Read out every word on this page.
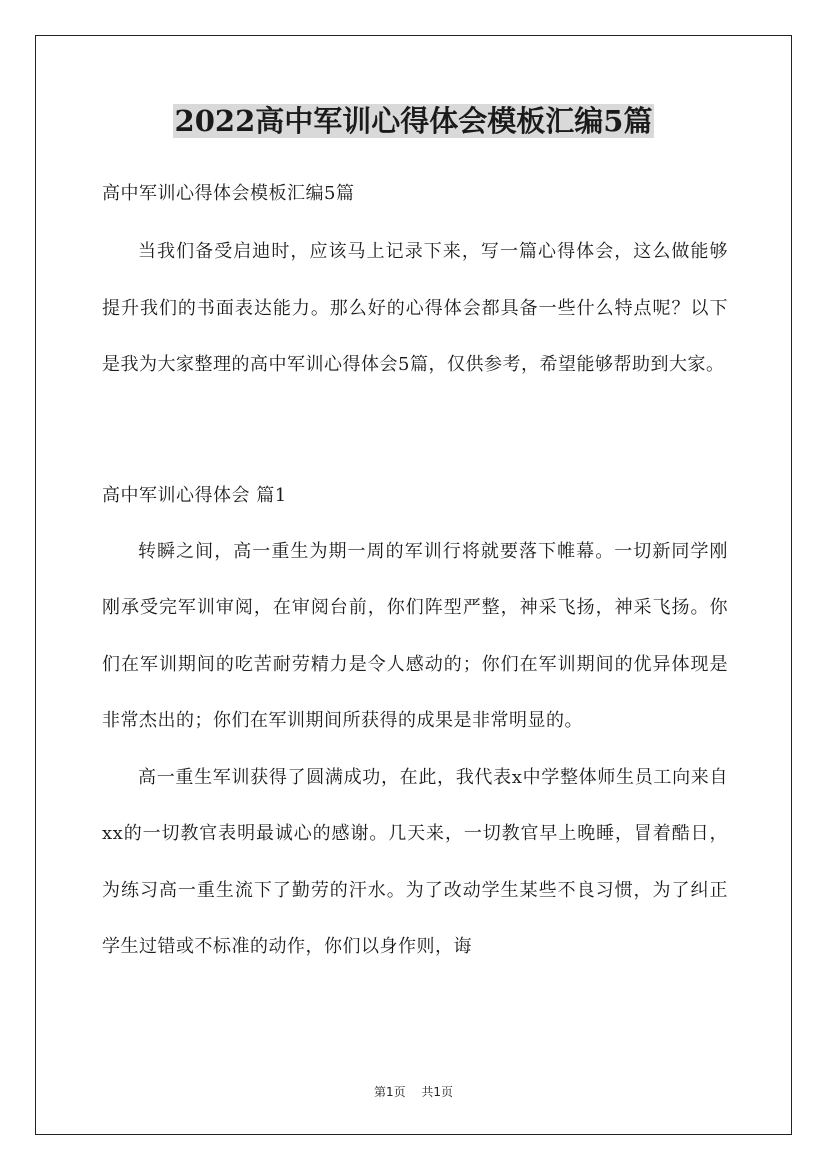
2022高中军训心得体会模板汇编5篇

高中军训心得体会模板汇编5篇

当我们备受启迪时，应该马上记录下来，写一篇心得体会，这么做能够提升我们的书面表达能力。那么好的心得体会都具备一些什么特点呢？以下是我为大家整理的高中军训心得体会5篇，仅供参考，希望能够帮助到大家。

高中军训心得体会 篇1

转瞬之间，高一重生为期一周的军训行将就要落下帷幕。一切新同学刚刚承受完军训审阅，在审阅台前，你们阵型严整，神采飞扬，神采飞扬。你们在军训期间的吃苦耐劳精力是令人感动的；你们在军训期间的优异体现是非常杰出的；你们在军训期间所获得的成果是非常明显的。

高一重生军训获得了圆满成功，在此，我代表x中学整体师生员工向来自xx的一切教官表明最诚心的感谢。几天来，一切教官早上晚睡，冒着酷日，为练习高一重生流下了勤劳的汗水。为了改动学生某些不良习惯，为了纠正学生过错或不标准的动作，你们以身作则，诲

第1页 共1页
